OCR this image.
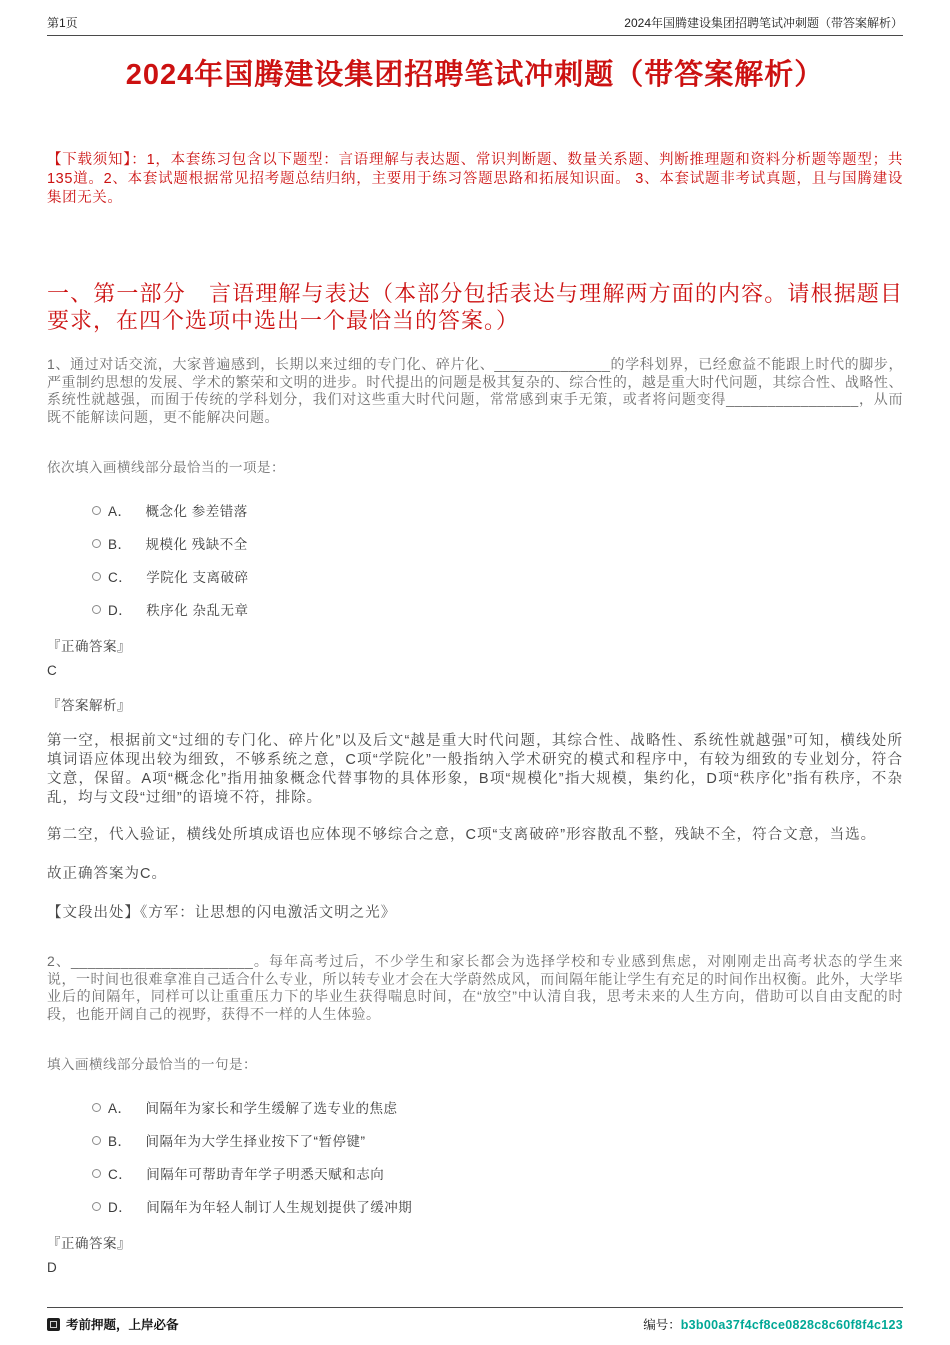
第1页	2024年国腾建设集团招聘笔试冲刺题（带答案解析）
2024年国腾建设集团招聘笔试冲刺题（带答案解析）

【下载须知】：1，本套练习包含以下题型：言语理解与表达题、常识判断题、数量关系题、判断推理题和资料分析题等题型；共135道。2、本套试题根据常见招考题总结归纳，主要用于练习答题思路和拓展知识面。 3、本套试题非考试真题，且与国腾建设集团无关。

一、第一部分　言语理解与表达（本部分包括表达与理解两方面的内容。请根据题目要求，在四个选项中选出一个最恰当的答案。）

1、通过对话交流，大家普遍感到，长期以来过细的专门化、碎片化、______________的学科划界，已经愈益不能跟上时代的脚步，严重制约思想的发展、学术的繁荣和文明的进步。时代提出的问题是极其复杂的、综合性的，越是重大时代问题，其综合性、战略性、系统性就越强，而囿于传统的学科划分，我们对这些重大时代问题，常常感到束手无策，或者将问题变得________________，从而既不能解读问题，更不能解决问题。

依次填入画横线部分最恰当的一项是：

A． 概念化 参差错落
B． 规模化 残缺不全
C． 学院化 支离破碎
D． 秩序化 杂乱无章

『正确答案』

C

『答案解析』

第一空，根据前文“过细的专门化、碎片化”以及后文“越是重大时代问题，其综合性、战略性、系统性就越强”可知，横线处所填词语应体现出较为细致，不够系统之意，C项“学院化”一般指纳入学术研究的模式和程序中，有较为细致的专业划分，符合文意，保留。A项“概念化”指用抽象概念代替事物的具体形象，B项“规模化”指大规模，集约化，D项“秩序化”指有秩序，不杂乱，均与文段“过细”的语境不符，排除。

第二空，代入验证，横线处所填成语也应体现不够综合之意，C项“支离破碎”形容散乱不整，残缺不全，符合文意，当选。

故正确答案为C。

【文段出处】《方军：让思想的闪电激活文明之光》

2、______________________。每年高考过后，不少学生和家长都会为选择学校和专业感到焦虑，对刚刚走出高考状态的学生来说，一时间也很难拿准自己适合什么专业，所以转专业才会在大学蔚然成风，而间隔年能让学生有充足的时间作出权衡。此外，大学毕业后的间隔年，同样可以让重重压力下的毕业生获得喘息时间，在“放空”中认清自我，思考未来的人生方向，借助可以自由支配的时段，也能开阔自己的视野，获得不一样的人生体验。

填入画横线部分最恰当的一句是：

A． 间隔年为家长和学生缓解了选专业的焦虑
B． 间隔年为大学生择业按下了“暂停键”
C． 间隔年可帮助青年学子明悉天赋和志向
D． 间隔年为年轻人制订人生规划提供了缓冲期

『正确答案』

D

考前押题，上岸必备	编号：b3b00a37f4cf8ce0828c8c60f8f4c123
